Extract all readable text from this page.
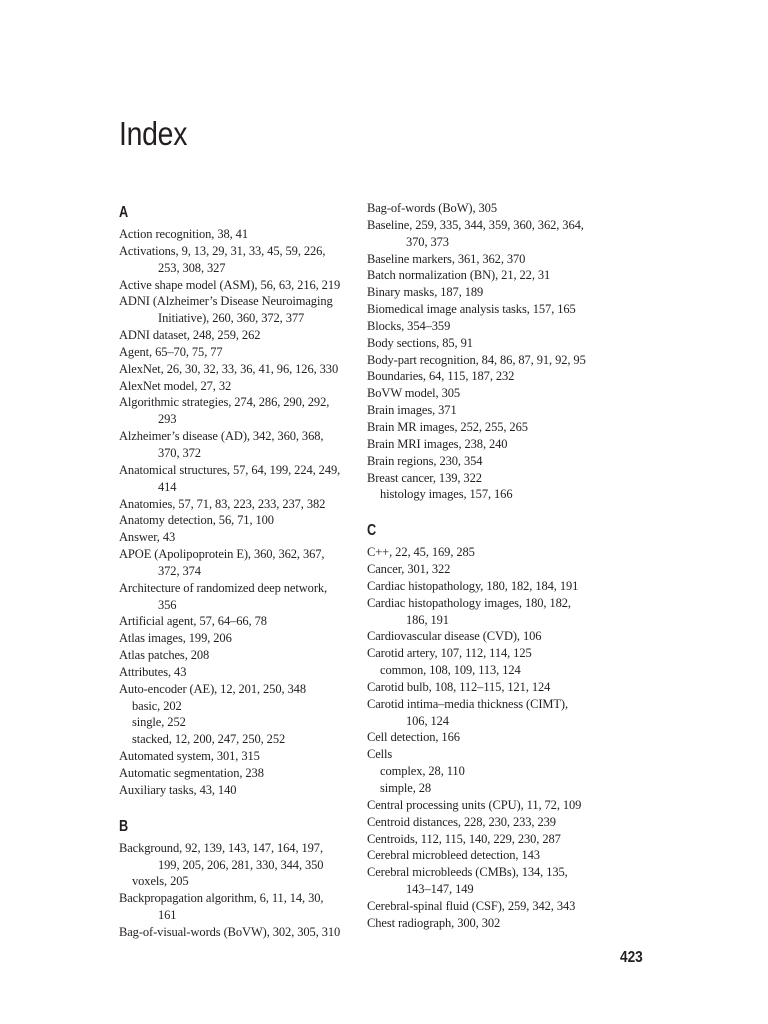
Index
A
Action recognition, 38, 41
Activations, 9, 13, 29, 31, 33, 45, 59, 226,
253, 308, 327
Active shape model (ASM), 56, 63, 216, 219
ADNI (Alzheimer’s Disease Neuroimaging
Initiative), 260, 360, 372, 377
ADNI dataset, 248, 259, 262
Agent, 65–70, 75, 77
AlexNet, 26, 30, 32, 33, 36, 41, 96, 126, 330
AlexNet model, 27, 32
Algorithmic strategies, 274, 286, 290, 292,
293
Alzheimer’s disease (AD), 342, 360, 368,
370, 372
Anatomical structures, 57, 64, 199, 224, 249,
414
Anatomies, 57, 71, 83, 223, 233, 237, 382
Anatomy detection, 56, 71, 100
Answer, 43
APOE (Apolipoprotein E), 360, 362, 367,
372, 374
Architecture of randomized deep network,
356
Artificial agent, 57, 64–66, 78
Atlas images, 199, 206
Atlas patches, 208
Attributes, 43
Auto-encoder (AE), 12, 201, 250, 348
basic, 202
single, 252
stacked, 12, 200, 247, 250, 252
Automated system, 301, 315
Automatic segmentation, 238
Auxiliary tasks, 43, 140
B
Background, 92, 139, 143, 147, 164, 197,
199, 205, 206, 281, 330, 344, 350
voxels, 205
Backpropagation algorithm, 6, 11, 14, 30,
161
Bag-of-visual-words (BoVW), 302, 305, 310
Bag-of-words (BoW), 305
Baseline, 259, 335, 344, 359, 360, 362, 364,
370, 373
Baseline markers, 361, 362, 370
Batch normalization (BN), 21, 22, 31
Binary masks, 187, 189
Biomedical image analysis tasks, 157, 165
Blocks, 354–359
Body sections, 85, 91
Body-part recognition, 84, 86, 87, 91, 92, 95
Boundaries, 64, 115, 187, 232
BoVW model, 305
Brain images, 371
Brain MR images, 252, 255, 265
Brain MRI images, 238, 240
Brain regions, 230, 354
Breast cancer, 139, 322
histology images, 157, 166
C
C++, 22, 45, 169, 285
Cancer, 301, 322
Cardiac histopathology, 180, 182, 184, 191
Cardiac histopathology images, 180, 182,
186, 191
Cardiovascular disease (CVD), 106
Carotid artery, 107, 112, 114, 125
common, 108, 109, 113, 124
Carotid bulb, 108, 112–115, 121, 124
Carotid intima–media thickness (CIMT),
106, 124
Cell detection, 166
Cells
complex, 28, 110
simple, 28
Central processing units (CPU), 11, 72, 109
Centroid distances, 228, 230, 233, 239
Centroids, 112, 115, 140, 229, 230, 287
Cerebral microbleed detection, 143
Cerebral microbleeds (CMBs), 134, 135,
143–147, 149
Cerebral-spinal fluid (CSF), 259, 342, 343
Chest radiograph, 300, 302
423
